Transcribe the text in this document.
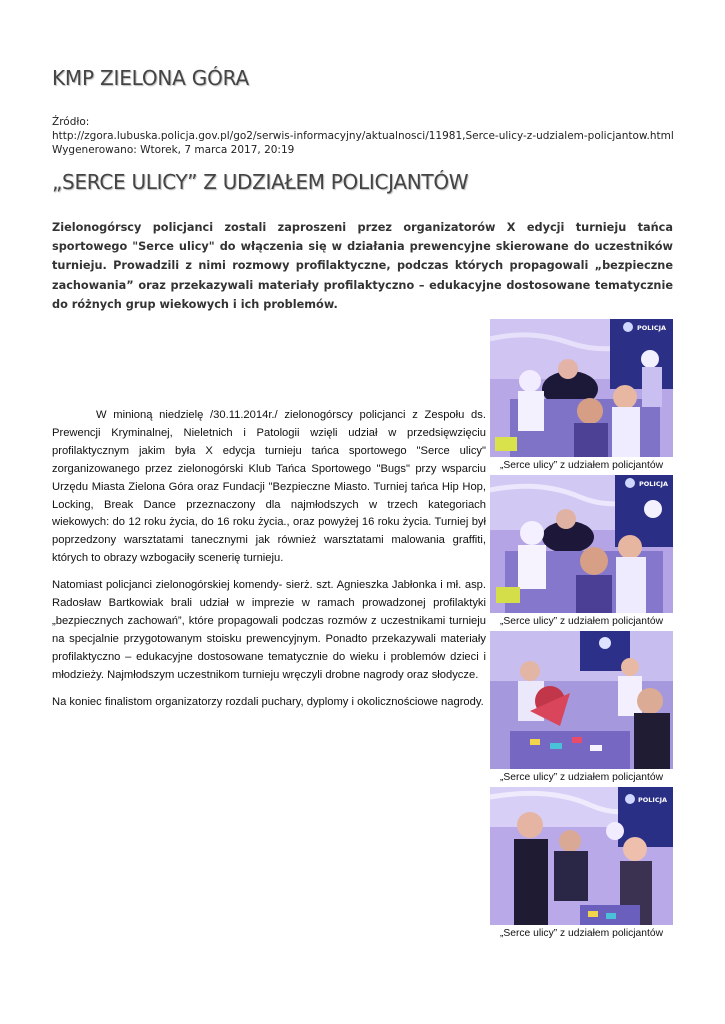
KMP ZIELONA GÓRA
Źródło:
http://zgora.lubuska.policja.gov.pl/go2/serwis-informacyjny/aktualnosci/11981,Serce-ulicy-z-udzialem-policjantow.html
Wygenerowano: Wtorek, 7 marca 2017, 20:19
„SERCE ULICY” Z UDZIAŁEM POLICJANTÓW

Zielonogórscy policjanci zostali zaproszeni przez organizatorów X edycji turnieju tańca sportowego "Serce ulicy" do włączenia się w działania prewencyjne skierowane do uczestników turnieju. Prowadzili z nimi rozmowy profilaktyczne, podczas których propagowali „bezpieczne zachowania” oraz przekazywali materiały profilaktyczno – edukacyjne dostosowane tematycznie do różnych grup wiekowych i ich problemów.

W minioną niedzielę /30.11.2014r./ zielonogórscy policjanci z Zespołu ds. Prewencji Kryminalnej, Nieletnich i Patologii wzięli udział w przedsięwzięciu profilaktycznym jakim była X edycja turnieju tańca sportowego "Serce ulicy" zorganizowanego przez zielonogórski Klub Tańca Sportowego "Bugs" przy wsparciu Urzędu Miasta Zielona Góra oraz Fundacji "Bezpieczne Miasto. Turniej tańca Hip Hop, Locking, Break Dance przeznaczony dla najmłodszych w trzech kategoriach wiekowych: do 12 roku życia, do 16 roku życia., oraz powyżej 16 roku życia. Turniej był poprzedzony warsztatami tanecznymi jak również warsztatami malowania graffiti, których to obrazy wzbogaciły scenerię turnieju.

Natomiast policjanci zielonogórskiej komendy- sierż. szt. Agnieszka Jabłonka i mł. asp. Radosław Bartkowiak brali udział w imprezie w ramach prowadzonej profilaktyki „bezpiecznych zachowań”, które propagowali podczas rozmów z uczestnikami turnieju na specjalnie przygotowanym stoisku prewencyjnym. Ponadto przekazywali materiały profilaktyczno – edukacyjne dostosowane tematycznie do wieku i problemów dzieci i młodzieży. Najmłodszym uczestnikom turnieju wręczyli drobne nagrody oraz słodycze.

Na koniec finalistom organizatorzy rozdali puchary, dyplomy i okolicznościowe nagrody.

POLICJA
„Serce ulicy” z udziałem policjantów
POLICJA
„Serce ulicy” z udziałem policjantów
„Serce ulicy” z udziałem policjantów
POLICJA
„Serce ulicy” z udziałem policjantów
